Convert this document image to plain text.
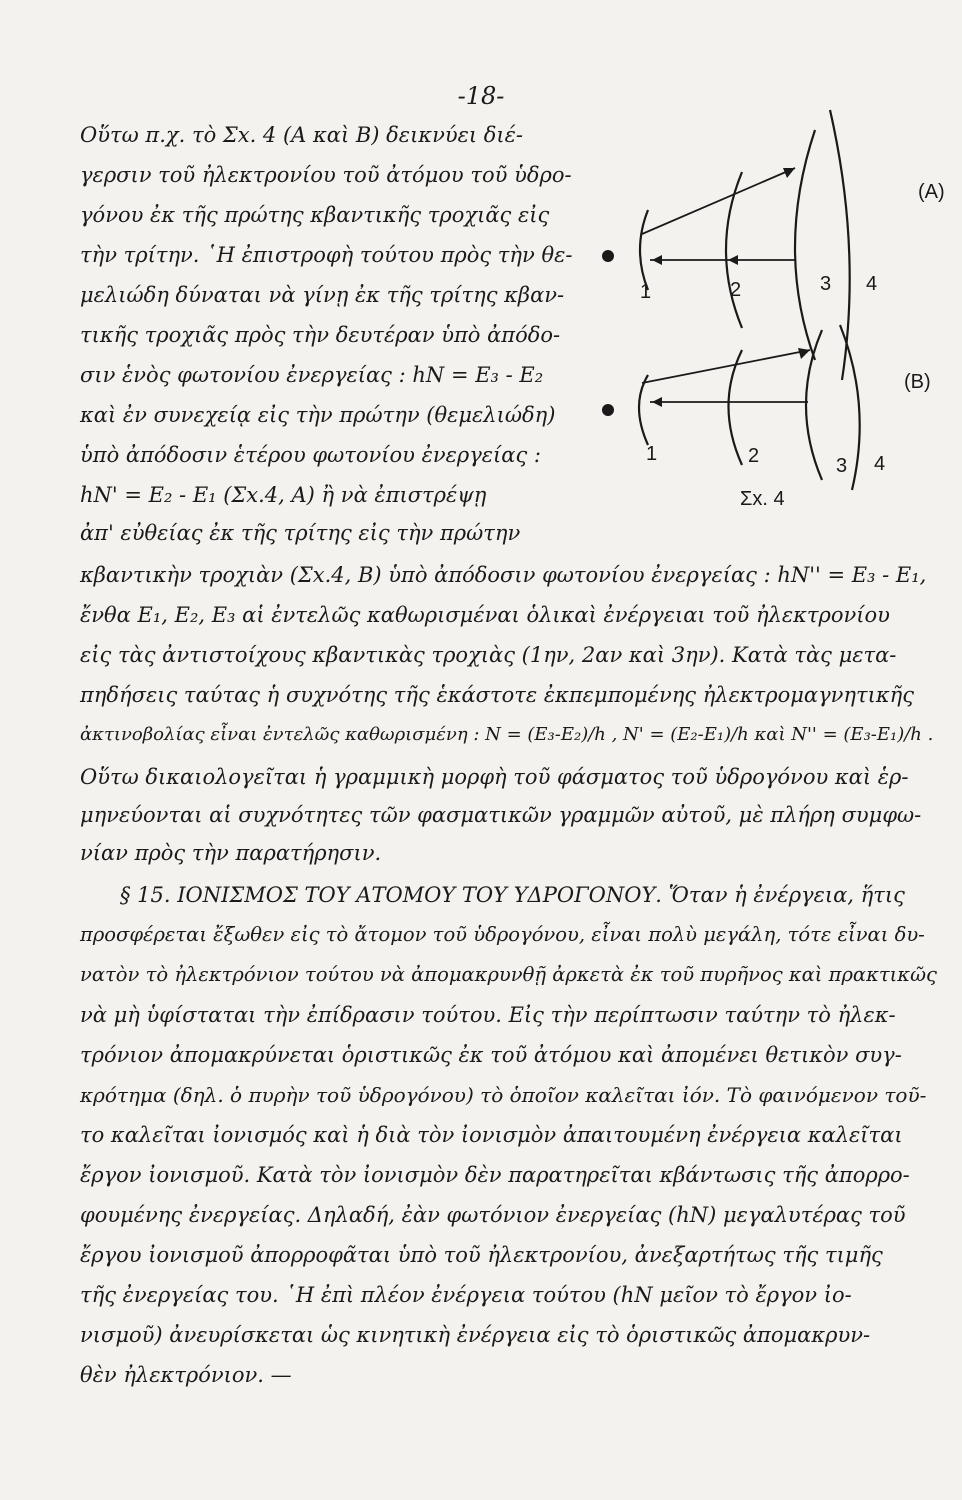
-18-
(A)
1	2	3 4
(B)
1	2	3 4
Σx. 4
Οὕτω π.χ. τὸ Σx. 4 (Α καὶ Β) δεικνύει διέ-
γερσιν τοῦ ἠλεκτρονίου τοῦ ἀτόμου τοῦ ὑδρο-
γόνου ἐκ τῆς πρώτης κβαντικῆς τροχιᾶς εἰς
τὴν τρίτην. ῾Η ἐπιστροφὴ τούτου πρὸς τὴν θε-
μελιώδη δύναται νὰ γίνῃ ἐκ τῆς τρίτης κβαν-
τικῆς τροχιᾶς πρὸς τὴν δευτέραν ὑπὸ ἀπόδο-
σιν ἑνὸς φωτονίου ἐνεργείας : hN = E₃ - E₂
καὶ ἐν συνεχείᾳ εἰς τὴν πρώτην (θεμελιώδη)
ὑπὸ ἀπόδοσιν ἑτέρου φωτονίου ἐνεργείας :
hN' = E₂ - E₁ (Σx.4, A) ἢ νὰ ἐπιστρέψῃ
ἀπ' εὐθείας ἐκ τῆς τρίτης εἰς τὴν πρώτην
κβαντικὴν τροχιὰν (Σx.4, Β) ὑπὸ ἀπόδοσιν φωτονίου ἐνεργείας : hN'' = E₃ - E₁,
ἔνθα E₁, E₂, E₃ αἱ ἐντελῶς καθωρισμέναι ὁλικαὶ ἐνέργειαι τοῦ ἠλεκτρονίου
εἰς τὰς ἀντιστοίχους κβαντικὰς τροχιὰς (1ην, 2αν καὶ 3ην). Κατὰ τὰς μετα-
πηδήσεις ταύτας ἡ συχνότης τῆς ἑκάστοτε ἐκπεμπομένης ἠλεκτρομαγνητικῆς
ἀκτινοβολίας εἶναι ἐντελῶς καθωρισμένη : N = (E₃-E₂)/h , N' = (E₂-E₁)/h καὶ N'' = (E₃-E₁)/h .
Οὕτω δικαιολογεῖται ἡ γραμμικὴ μορφὴ τοῦ φάσματος τοῦ ὑδρογόνου καὶ ἑρ-
μηνεύονται αἱ συχνότητες τῶν φασματικῶν γραμμῶν αὐτοῦ, μὲ πλήρη συμφω-
νίαν πρὸς τὴν παρατήρησιν.
§ 15. ΙΟΝΙΣΜΟΣ ΤΟΥ ΑΤΟΜΟΥ ΤΟΥ ΥΔΡΟΓΟΝΟΥ. Ὅταν ἡ ἐνέργεια, ἥτις
προσφέρεται ἔξωθεν εἰς τὸ ἄτομον τοῦ ὑδρογόνου, εἶναι πολὺ μεγάλη, τότε εἶναι δυ-
νατὸν τὸ ἠλεκτρόνιον τούτου νὰ ἀπομακρυνθῇ ἀρκετὰ ἐκ τοῦ πυρῆνος καὶ πρακτικῶς
νὰ μὴ ὑφίσταται τὴν ἐπίδρασιν τούτου. Εἰς τὴν περίπτωσιν ταύτην τὸ ἠλεκ-
τρόνιον ἀπομακρύνεται ὁριστικῶς ἐκ τοῦ ἀτόμου καὶ ἀπομένει θετικὸν συγ-
κρότημα (δηλ. ὁ πυρὴν τοῦ ὑδρογόνου) τὸ ὁποῖον καλεῖται ἰόν. Τὸ φαινόμενον τοῦ-
το καλεῖται ἰονισμός καὶ ἡ διὰ τὸν ἰονισμὸν ἀπαιτουμένη ἐνέργεια καλεῖται
ἔργον ἰονισμοῦ. Κατὰ τὸν ἰονισμὸν δὲν παρατηρεῖται κβάντωσις τῆς ἀπορρο-
φουμένης ἐνεργείας. Δηλαδή, ἐὰν φωτόνιον ἐνεργείας (hN) μεγαλυτέρας τοῦ
ἔργου ἰονισμοῦ ἀπορροφᾶται ὑπὸ τοῦ ἠλεκτρονίου, ἀνεξαρτήτως τῆς τιμῆς
τῆς ἐνεργείας του. ῾Η ἐπὶ πλέον ἐνέργεια τούτου (hN μεῖον τὸ ἔργον ἰο-
νισμοῦ) ἀνευρίσκεται ὡς κινητικὴ ἐνέργεια εἰς τὸ ὁριστικῶς ἀπομακρυν-
θὲν ἠλεκτρόνιον. —
